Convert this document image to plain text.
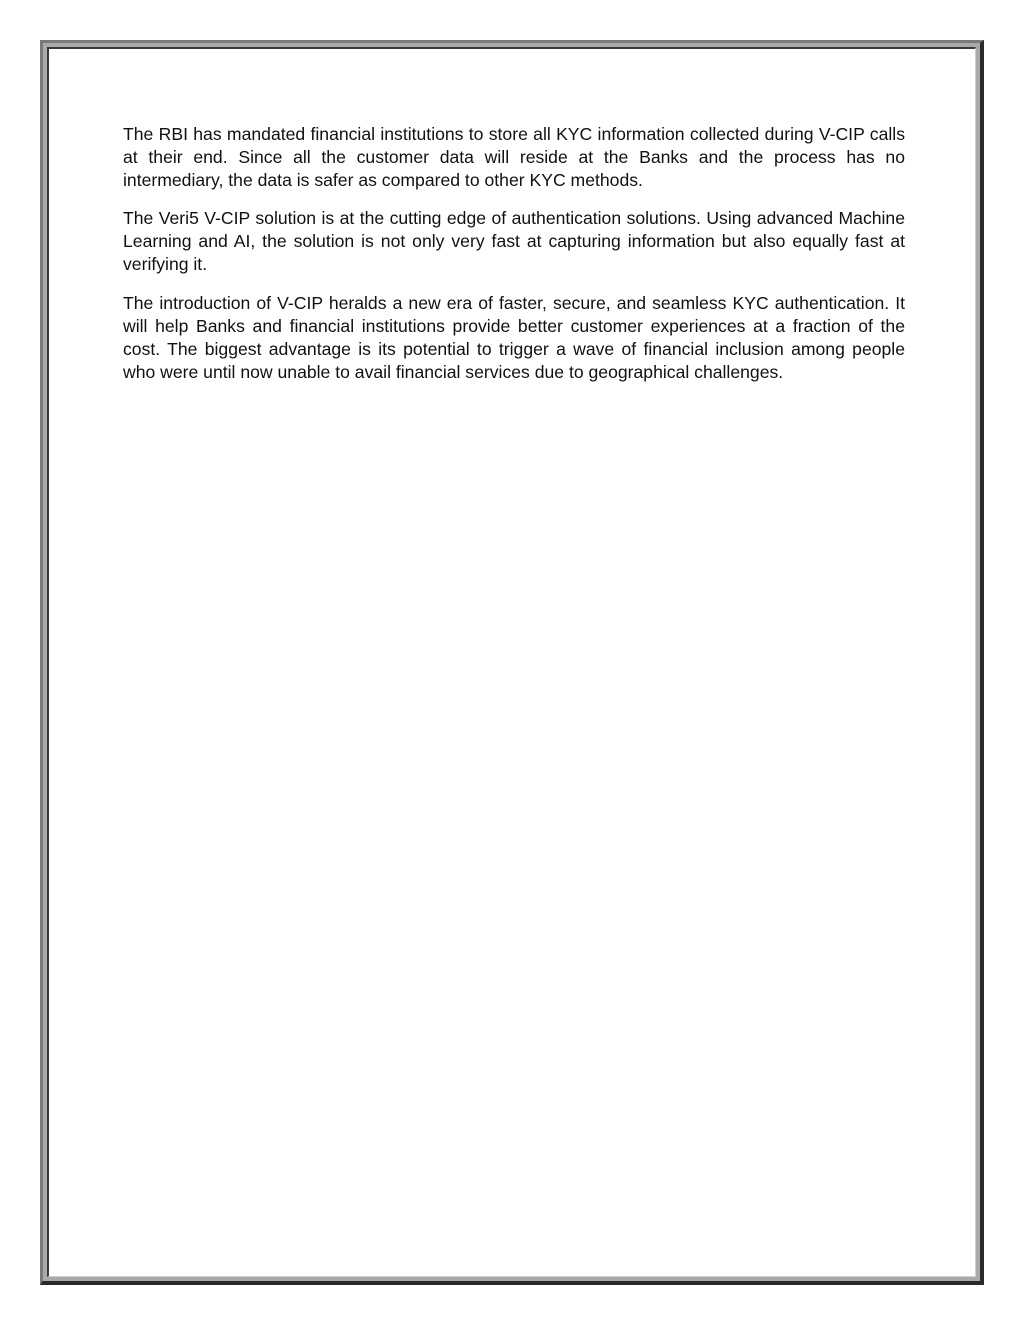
The RBI has mandated financial institutions to store all KYC information collected during V-CIP calls at their end. Since all the customer data will reside at the Banks and the process has no intermediary, the data is safer as compared to other KYC methods.

The Veri5 V-CIP solution is at the cutting edge of authentication solutions. Using advanced Machine Learning and AI, the solution is not only very fast at capturing information but also equally fast at verifying it.

The introduction of V-CIP heralds a new era of faster, secure, and seamless KYC authentication. It will help Banks and financial institutions provide better customer experiences at a fraction of the cost. The biggest advantage is its potential to trigger a wave of financial inclusion among people who were until now unable to avail financial services due to geographical challenges.
